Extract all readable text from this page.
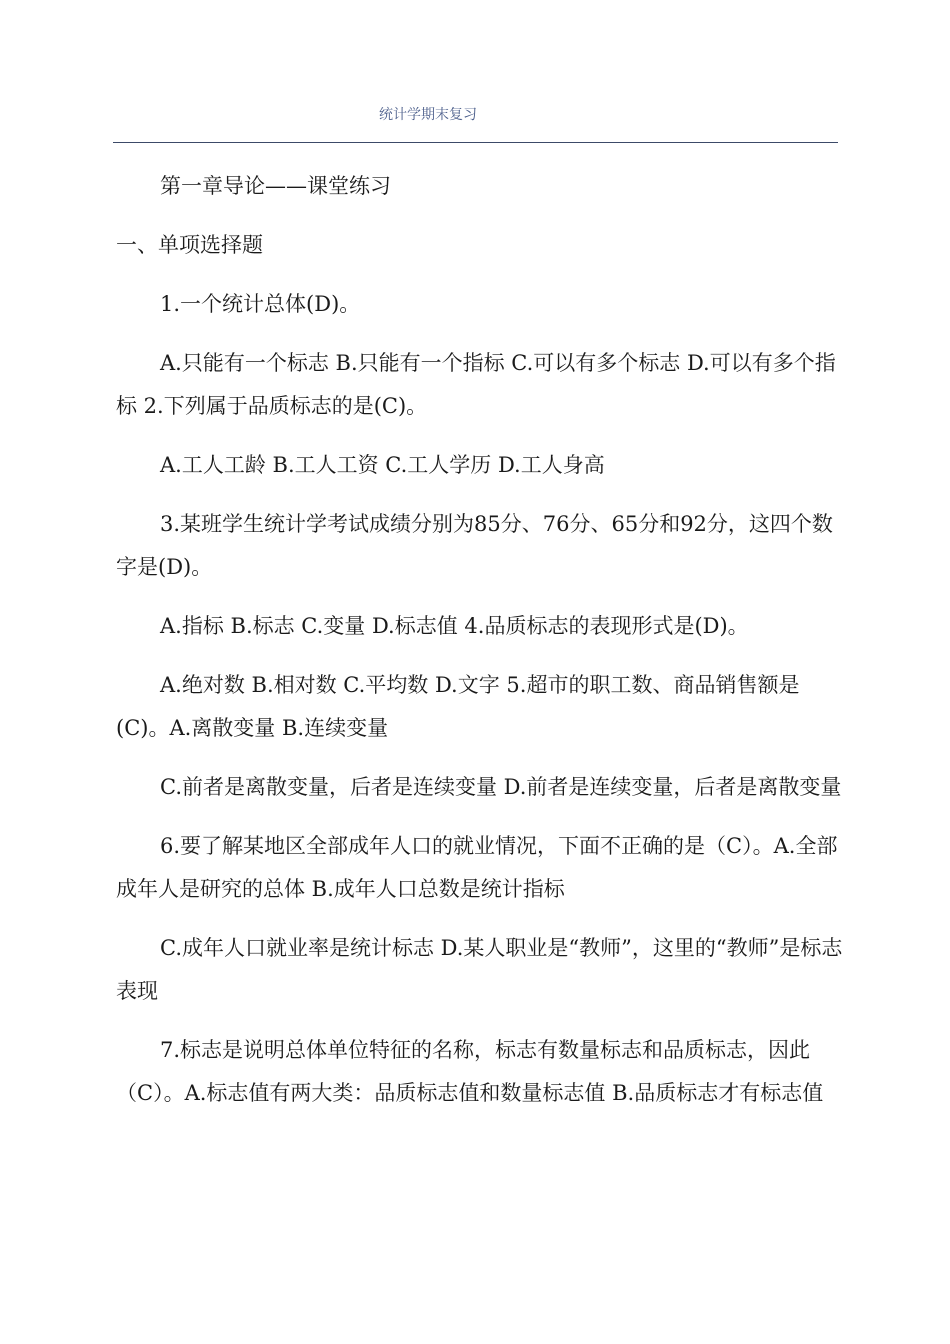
统计学期末复习

第一章导论——课堂练习

一、单项选择题

1.一个统计总体(D)。

A.只能有一个标志 B.只能有一个指标 C.可以有多个标志 D.可以有多个指标 2.下列属于品质标志的是(C)。

A.工人工龄 B.工人工资 C.工人学历 D.工人身高

3.某班学生统计学考试成绩分别为85分、76分、65分和92分，这四个数字是(D)。

A.指标 B.标志 C.变量 D.标志值 4.品质标志的表现形式是(D)。

A.绝对数 B.相对数 C.平均数 D.文字 5.超市的职工数、商品销售额是(C)。A.离散变量 B.连续变量

C.前者是离散变量，后者是连续变量 D.前者是连续变量，后者是离散变量

6.要了解某地区全部成年人口的就业情况，下面不正确的是（C）。A.全部成年人是研究的总体 B.成年人口总数是统计指标

C.成年人口就业率是统计标志 D.某人职业是“教师”，这里的“教师”是标志表现

7.标志是说明总体单位特征的名称，标志有数量标志和品质标志，因此（C）。A.标志值有两大类：品质标志值和数量标志值 B.品质标志才有标志值
